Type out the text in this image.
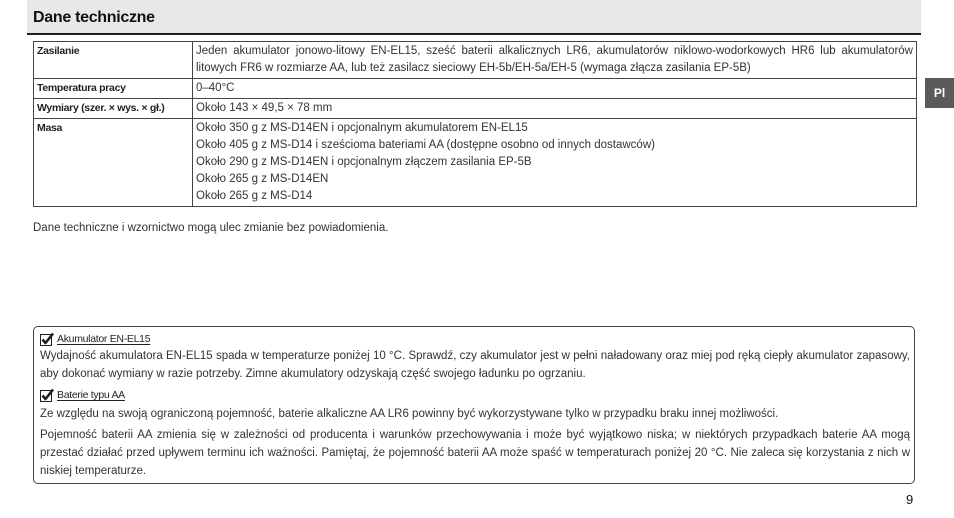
Dane techniczne
Pl
Zasilanie	Jeden akumulator jonowo-litowy EN-EL15, sześć baterii alkalicznych LR6, akumulatorów niklowo-wodorkowych HR6 lub akumulatorów litowych FR6 w rozmiarze AA, lub też zasilacz sieciowy EH-5b/EH-5a/EH-5 (wymaga złącza zasilania EP-5B)

Temperatura pracy	0–40°C

Wymiary (szer. × wys. × gł.)	Około 143 × 49,5 × 78 mm

Masa	Około 350 g z MS-D14EN i opcjonalnym akumulatorem EN-EL15
Około 405 g z MS-D14 i sześcioma bateriami AA (dostępne osobno od innych dostawców)
Około 290 g z MS-D14EN i opcjonalnym złączem zasilania EP-5B
Około 265 g z MS-D14EN
Około 265 g z MS-D14
Dane techniczne i wzornictwo mogą ulec zmianie bez powiadomienia.
Akumulator EN-EL15
Wydajność akumulatora EN-EL15 spada w temperaturze poniżej 10 °C. Sprawdź, czy akumulator jest w pełni naładowany oraz miej pod ręką ciepły akumulator zapasowy, aby dokonać wymiany w razie potrzeby. Zimne akumulatory odzyskają część swojego ładunku po ogrzaniu.
Baterie typu AA
Ze względu na swoją ograniczoną pojemność, baterie alkaliczne AA LR6 powinny być wykorzystywane tylko w przypadku braku innej możliwości.
Pojemność baterii AA zmienia się w zależności od producenta i warunków przechowywania i może być wyjątkowo niska; w niektórych przypadkach baterie AA mogą przestać działać przed upływem terminu ich ważności. Pamiętaj, że pojemność baterii AA może spaść w temperaturach poniżej 20 °C. Nie zaleca się korzystania z nich w niskiej temperaturze.
9
